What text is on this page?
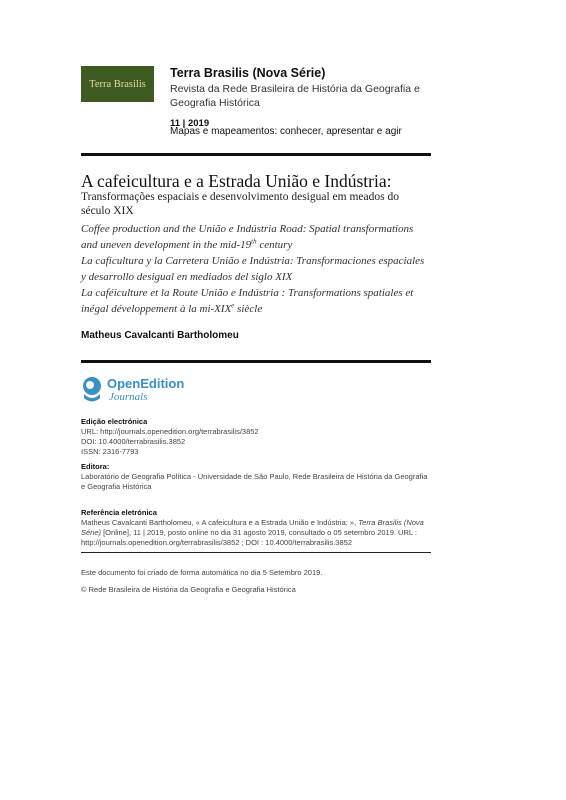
Terra Brasilis
Terra Brasilis (Nova Série)
Revista da Rede Brasileira de História da Geografia e Geografia Histórica
11 | 2019
Mapas e mapeamentos: conhecer, apresentar e agir
A cafeicultura e a Estrada União e Indústria:
Transformações espaciais e desenvolvimento desigual em meados do século XIX
Coffee production and the União e Indústria Road: Spatial transformations and uneven development in the mid-19th century
La caficultura y la Carretera União e Indústria: Transformaciones espaciales y desarrollo desigual en mediados del siglo XIX
La caféiculture et la Route União e Indústria : Transformations spatiales et inégal développement à la mi-XIXe siècle
Matheus Cavalcanti Bartholomeu
OpenEdition
Journals
Edição electrónica
URL: http://journals.openedition.org/terrabrasilis/3852
DOI: 10.4000/terrabrasilis.3852
ISSN: 2316-7793
Editora:
Laboratório de Geografia Política - Universidade de São Paulo, Rede Brasileira de História da Geografia e Geografia Histórica
Referência eletrónica
Matheus Cavalcanti Bartholomeu, « A cafeicultura e a Estrada União e Indústria: », Terra Brasilis (Nova Série) [Online], 11 | 2019, posto online no dia 31 agosto 2019, consultado o 05 setembro 2019. URL : http://journals.openedition.org/terrabrasilis/3852 ; DOI : 10.4000/terrabrasilis.3852
Este documento foi criado de forma automática no dia 5 Setembro 2019.
© Rede Brasileira de História da Geografia e Geografia Histórica
